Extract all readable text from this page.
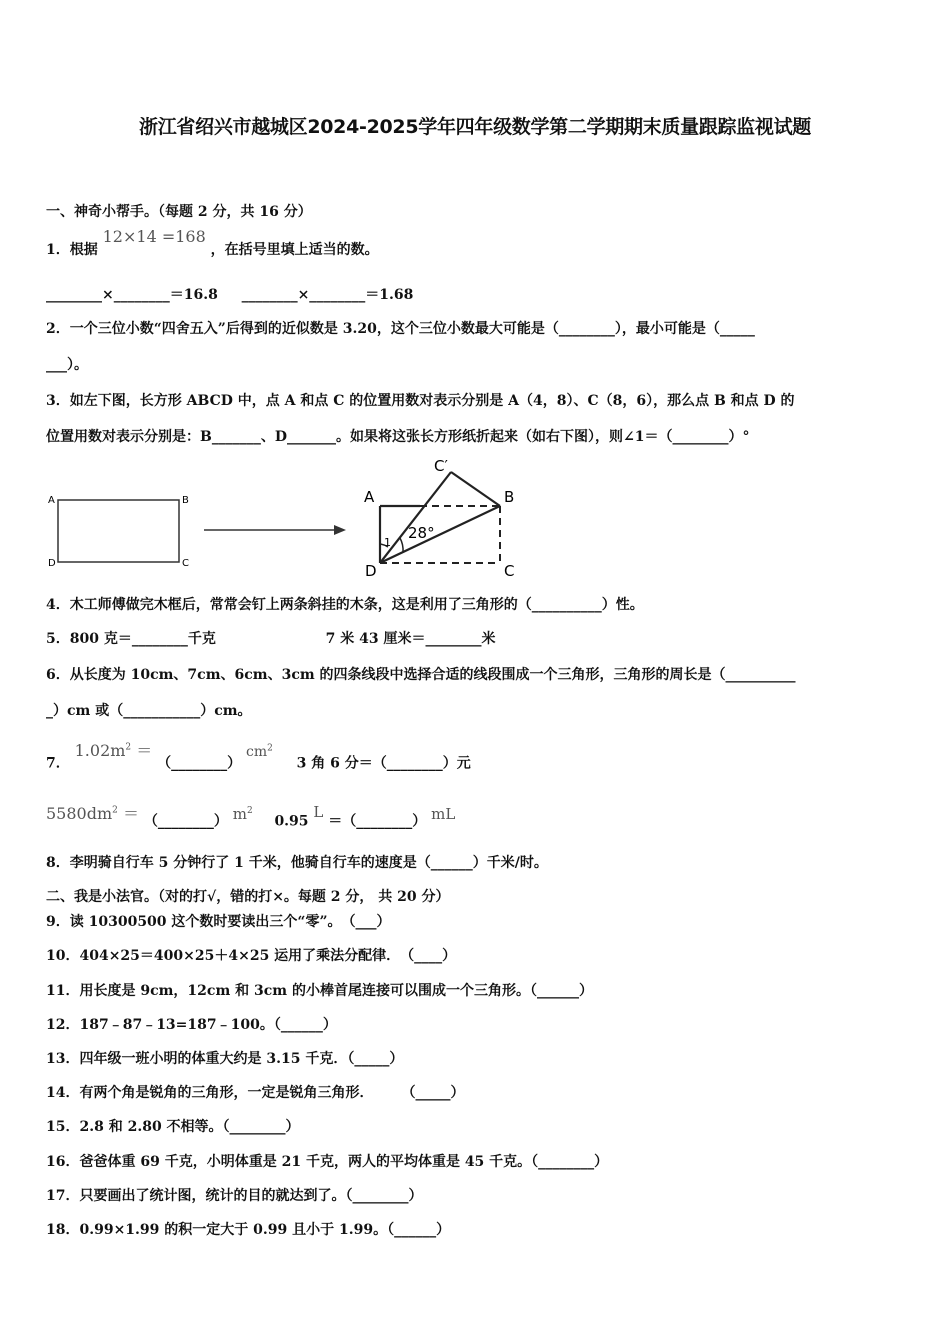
浙江省绍兴市越城区2024-2025学年四年级数学第二学期期末质量跟踪监视试题
一、神奇小帮手。（每题 2 分，共 16 分）
1．根据 12×14 =168 ，在括号里填上适当的数。
________×________＝16.8 ________×________＝1.68
2．一个三位小数“四舍五入”后得到的近似数是 3.20，这个三位小数最大可能是（________），最小可能是（_____
___）。
3．如左下图，长方形 ABCD 中，点 A 和点 C 的位置用数对表示分别是 A（4，8）、C（8，6），那么点 B 和点 D 的
位置用数对表示分别是：B_______、D_______。如果将这张长方形纸折起来（如右下图），则∠1＝（________）°
A	B
D	C
A	B
D	C
C′
28°
1
4．木工师傅做完木框后，常常会钉上两条斜挂的木条，这是利用了三角形的（__________）性。
5．800 克＝________千克	7 米 43 厘米＝________米
6．从长度为 10cm、7cm、6cm、3cm 的四条线段中选择合适的线段围成一个三角形，三角形的周长是（__________
_）cm 或（___________）cm。
7． $1.02m^2$ ＝ （________） $cm^2$  3 角 6 分＝（________）元
$5580dm^2$ ＝ （________） $m^2$  0.95 L ＝（________） mL
8．李明骑自行车 5 分钟行了 1 千米，他骑自行车的速度是（______）千米/时。
二、我是小法官。（对的打√，错的打×。每题 2 分， 共 20 分）
9．读 10300500 这个数时要读出三个“零”。　（___）
10．404×25＝400×25＋4×25 运用了乘法分配律．　（____）
11．用长度是 9cm，12cm 和 3cm 的小棒首尾连接可以围成一个三角形。（______）
12．187﹣87﹣13=187﹣100。（______）
13．四年级一班小明的体重大约是 3.15 千克．（_____）
14．有两个角是锐角的三角形，一定是锐角三角形．　　　（_____）
15．2.8 和 2.80 不相等。（________）
16．爸爸体重 69 千克，小明体重是 21 千克，两人的平均体重是 45 千克。（________）
17．只要画出了统计图，统计的目的就达到了。（________）
18．0.99×1.99 的积一定大于 0.99 且小于 1.99。（______）
